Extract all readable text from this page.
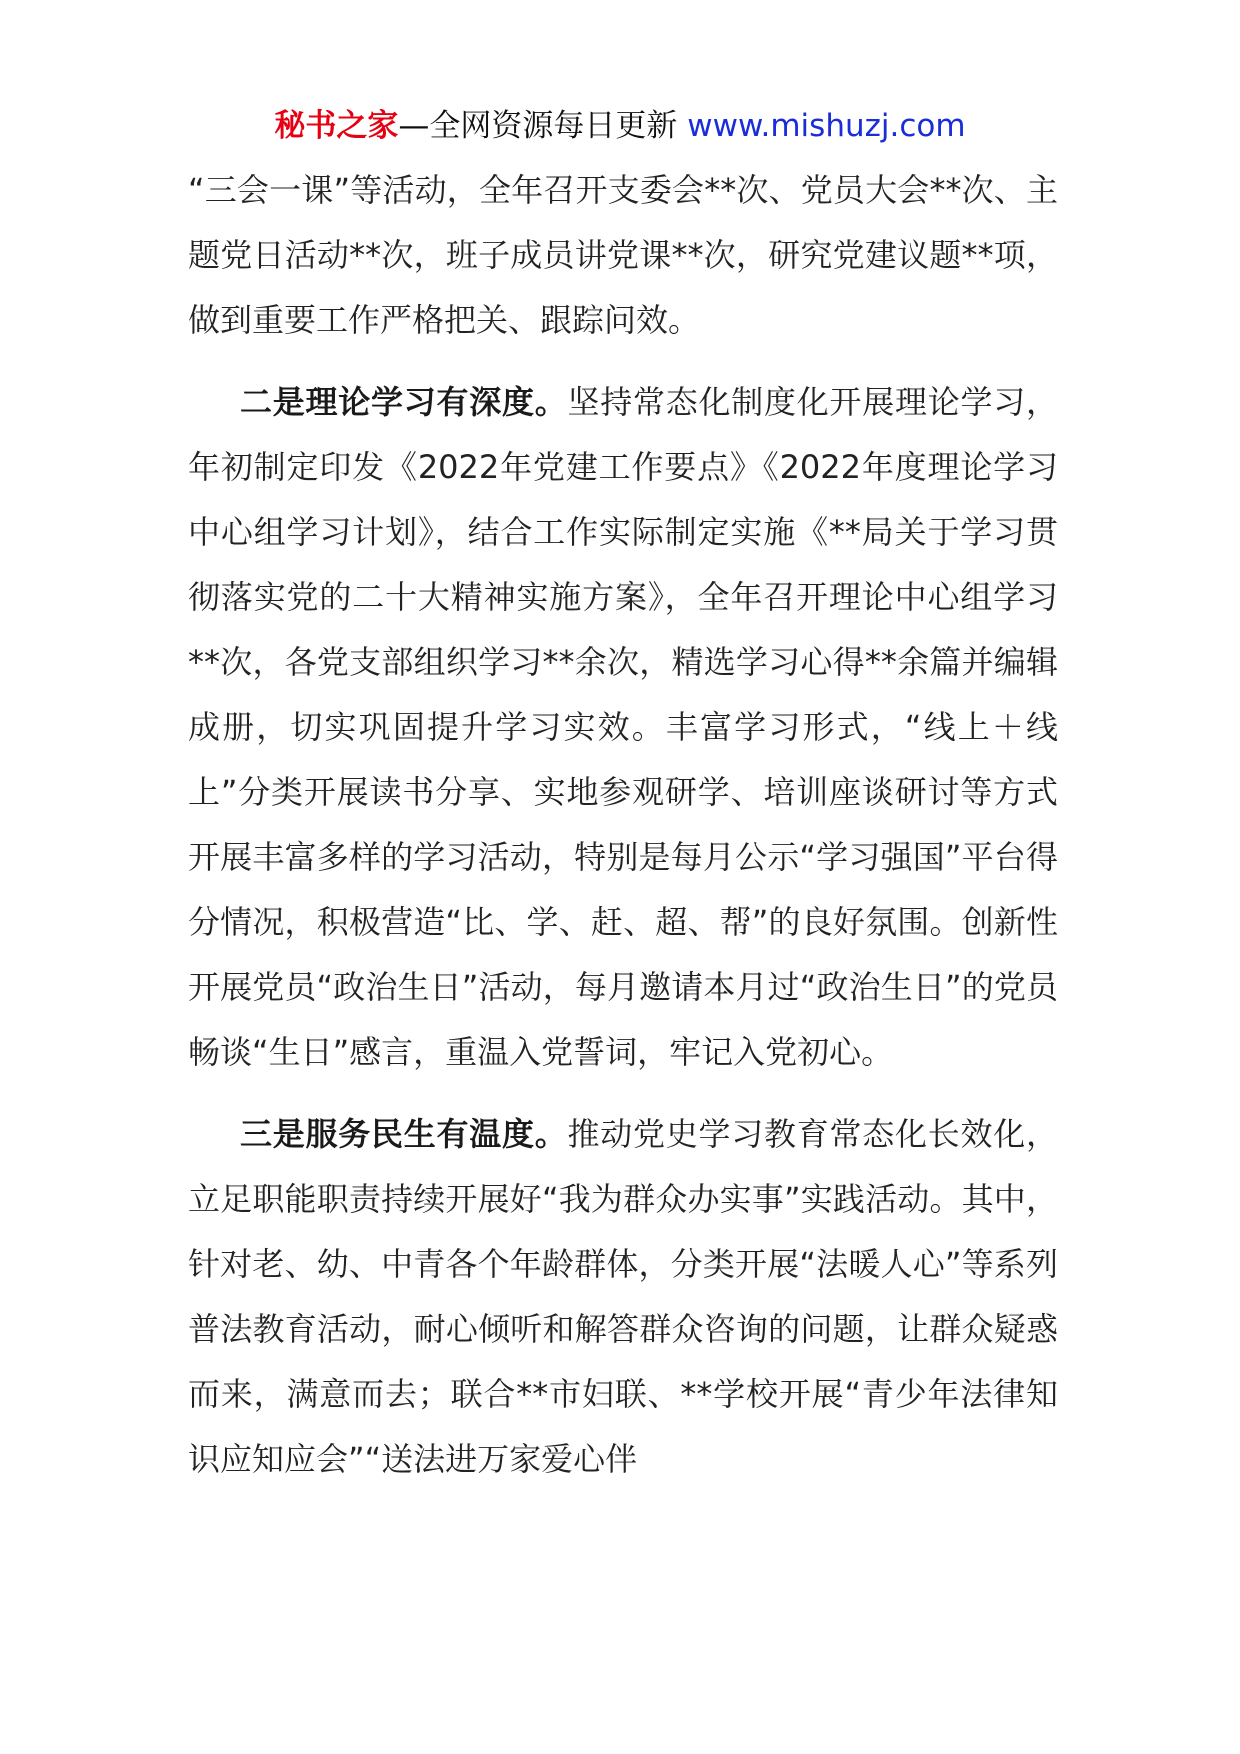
秘书之家—全网资源每日更新 www.mishuzj.com

“三会一课”等活动，全年召开支委会**次、党员大会**次、主题党日活动**次，班子成员讲党课**次，研究党建议题**项，做到重要工作严格把关、跟踪问效。

二是理论学习有深度。坚持常态化制度化开展理论学习，年初制定印发《2022年党建工作要点》《2022年度理论学习中心组学习计划》，结合工作实际制定实施《**局关于学习贯彻落实党的二十大精神实施方案》，全年召开理论中心组学习**次，各党支部组织学习**余次，精选学习心得**余篇并编辑成册，切实巩固提升学习实效。丰富学习形式，“线上＋线上”分类开展读书分享、实地参观研学、培训座谈研讨等方式开展丰富多样的学习活动，特别是每月公示“学习强国”平台得分情况，积极营造“比、学、赶、超、帮”的良好氛围。创新性开展党员“政治生日”活动，每月邀请本月过“政治生日”的党员畅谈“生日”感言，重温入党誓词，牢记入党初心。

三是服务民生有温度。推动党史学习教育常态化长效化，立足职能职责持续开展好“我为群众办实事”实践活动。其中，针对老、幼、中青各个年龄群体，分类开展“法暖人心”等系列普法教育活动，耐心倾听和解答群众咨询的问题，让群众疑惑而来，满意而去；联合**市妇联、**学校开展“青少年法律知识应知应会”“送法进万家爱心伴
